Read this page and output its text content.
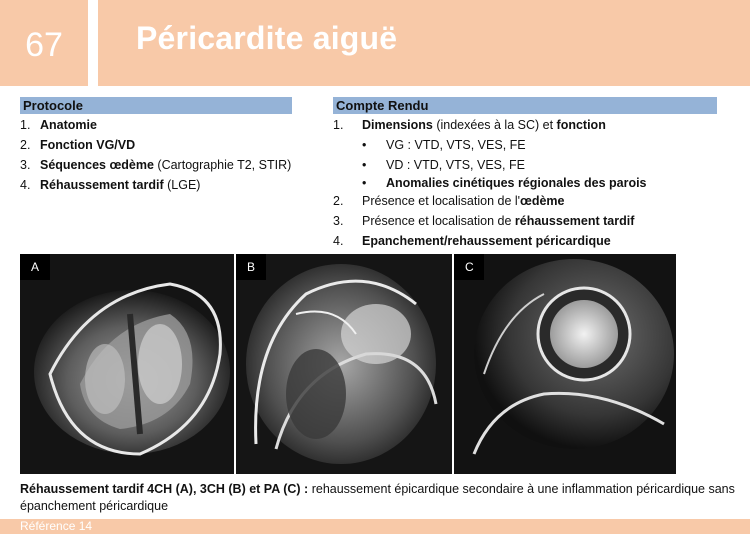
67	Péricardite aiguë
Protocole
1. Anatomie
2. Fonction VG/VD
3. Séquences œdème (Cartographie T2, STIR)
4. Réhaussement tardif (LGE)
Compte Rendu
1.	Dimensions (indexées à la SC) et fonction
• VG : VTD, VTS, VES, FE
• VD : VTD, VTS, VES, FE
• Anomalies cinétiques régionales des parois
2.	Présence et localisation de l'œdème
3.	Présence et localisation de réhaussement tardif
4.	Epanchement/rehaussement péricardique
A	B	C
Réhaussement tardif 4CH (A), 3CH (B) et PA (C) : rehaussement épicardique secondaire à une inflammation péricardique sans épanchement péricardique
Référence 14
